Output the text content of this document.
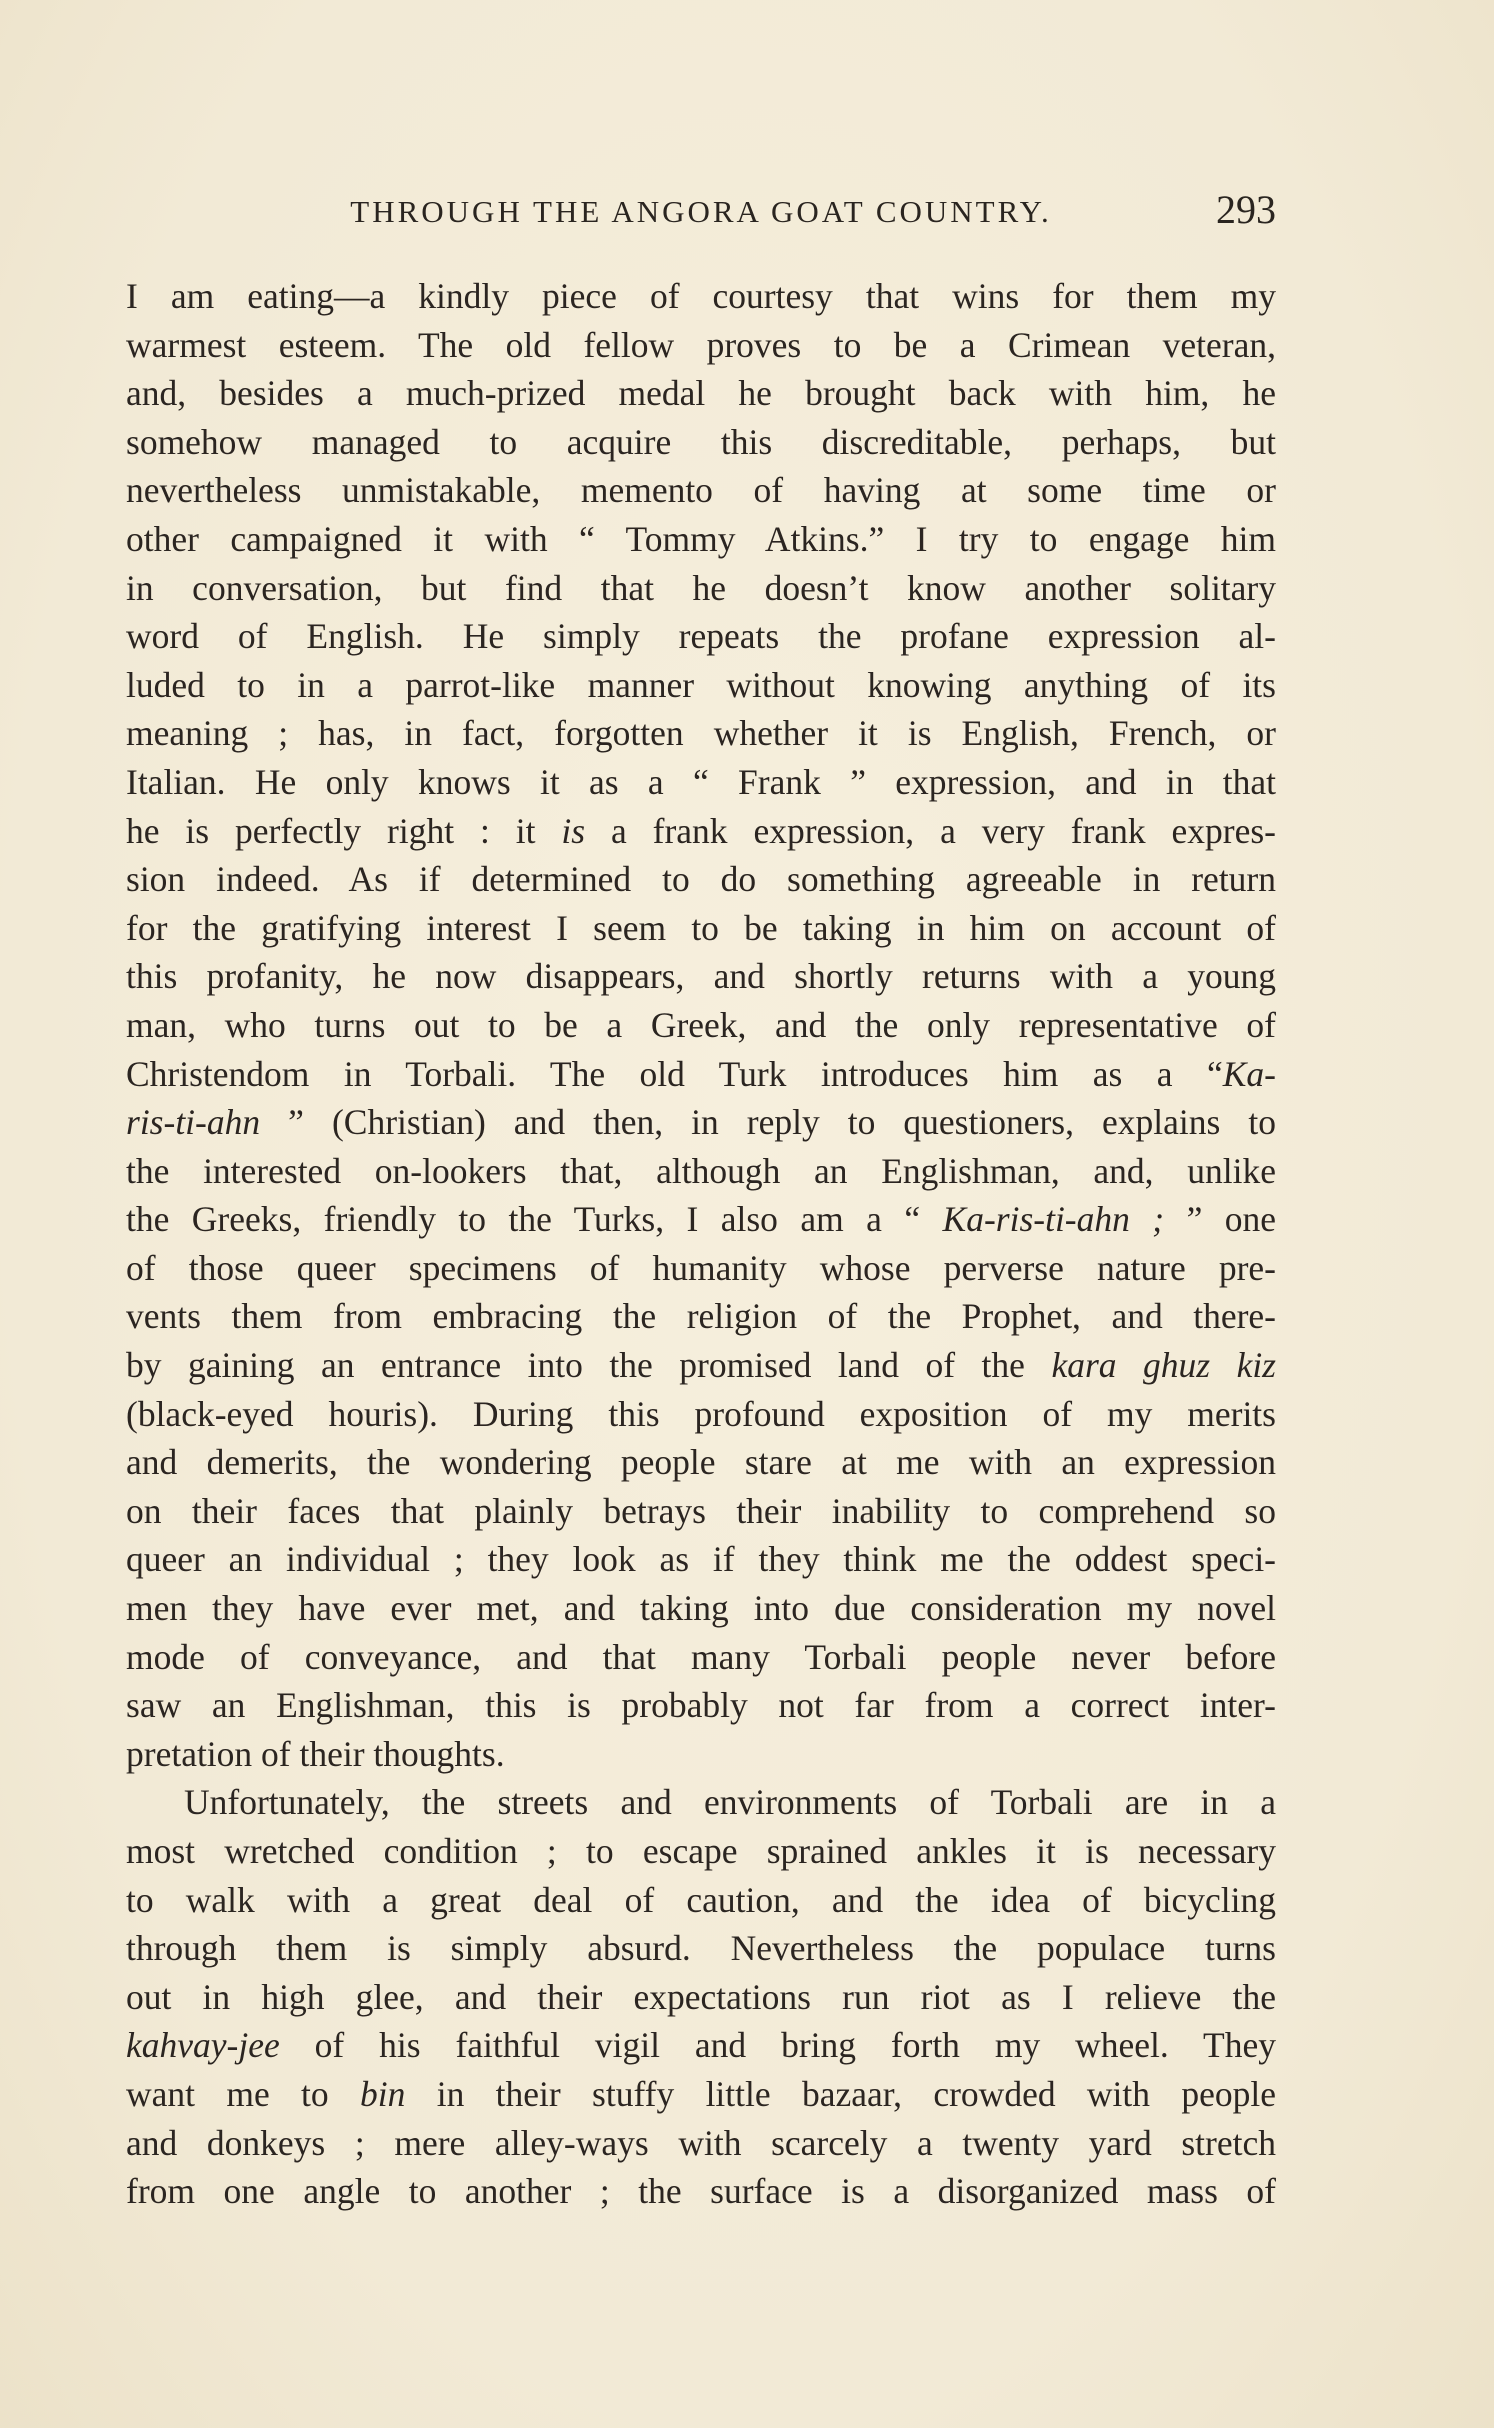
THROUGH THE ANGORA GOAT COUNTRY.	293
I am eating—a kindly piece of courtesy that wins for them my
warmest esteem. The old fellow proves to be a Crimean veteran,
and, besides a much-prized medal he brought back with him, he
somehow managed to acquire this discreditable, perhaps, but
nevertheless unmistakable, memento of having at some time or
other campaigned it with “ Tommy Atkins.” I try to engage him
in conversation, but find that he doesn’t know another solitary
word of English. He simply repeats the profane expression al-
luded to in a parrot-like manner without knowing anything of its
meaning ; has, in fact, forgotten whether it is English, French, or
Italian. He only knows it as a “ Frank ” expression, and in that
he is perfectly right : it is a frank expression, a very frank expres-
sion indeed. As if determined to do something agreeable in return
for the gratifying interest I seem to be taking in him on account of
this profanity, he now disappears, and shortly returns with a young
man, who turns out to be a Greek, and the only representative of
Christendom in Torbali. The old Turk introduces him as a “Ka-
ris-ti-ahn ” (Christian) and then, in reply to questioners, explains to
the interested on-lookers that, although an Englishman, and, unlike
the Greeks, friendly to the Turks, I also am a “ Ka-ris-ti-ahn ; ” one
of those queer specimens of humanity whose perverse nature pre-
vents them from embracing the religion of the Prophet, and there-
by gaining an entrance into the promised land of the kara ghuz kiz
(black-eyed houris). During this profound exposition of my merits
and demerits, the wondering people stare at me with an expression
on their faces that plainly betrays their inability to comprehend so
queer an individual ; they look as if they think me the oddest speci-
men they have ever met, and taking into due consideration my novel
mode of conveyance, and that many Torbali people never before
saw an Englishman, this is probably not far from a correct inter-
pretation of their thoughts.
Unfortunately, the streets and environments of Torbali are in a
most wretched condition ; to escape sprained ankles it is necessary
to walk with a great deal of caution, and the idea of bicycling
through them is simply absurd. Nevertheless the populace turns
out in high glee, and their expectations run riot as I relieve the
kahvay-jee of his faithful vigil and bring forth my wheel. They
want me to bin in their stuffy little bazaar, crowded with people
and donkeys ; mere alley-ways with scarcely a twenty yard stretch
from one angle to another ; the surface is a disorganized mass of
